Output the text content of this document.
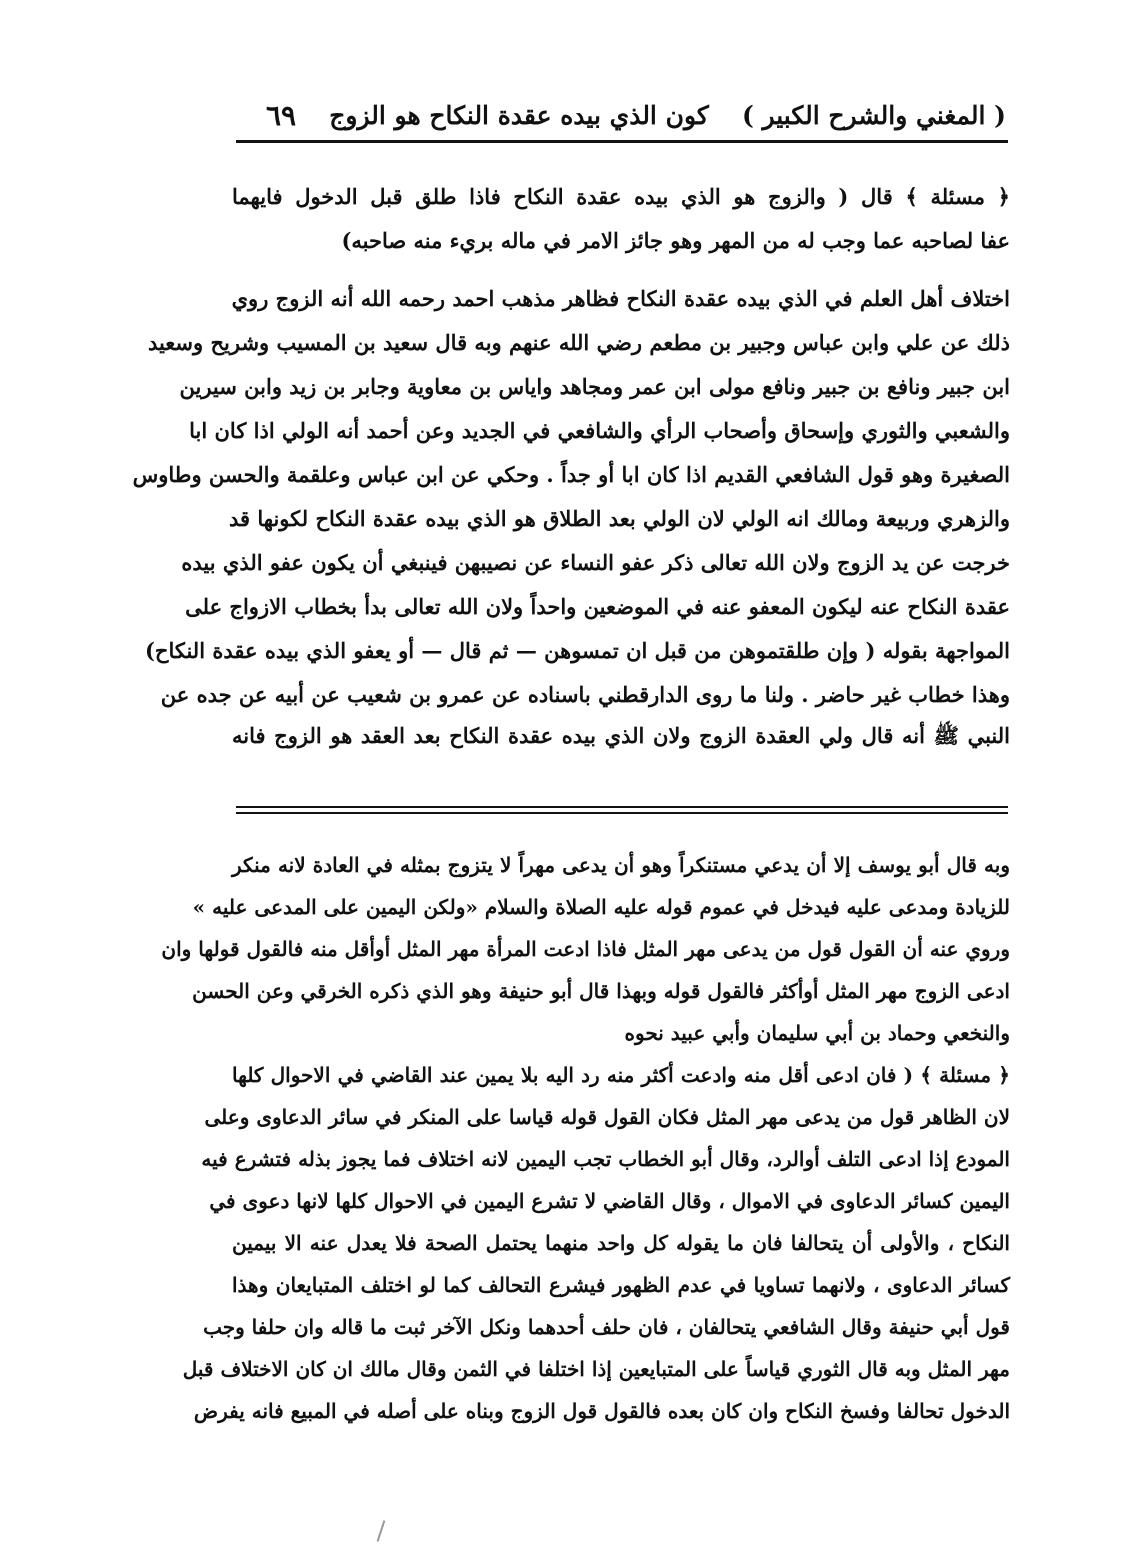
( المغني والشرح الكبير )
كون الذي بيده عقدة النكاح هو الزوج
٦٩
﴿ مسئلة ﴾ قال ( والزوج هو الذي بيده عقدة النكاح فاذا طلق قبل الدخول فايهما
عفا لصاحبه عما وجب له من المهر وهو جائز الامر في ماله بريء منه صاحبه)
اختلاف أهل العلم في الذي بيده عقدة النكاح فظاهر مذهب احمد رحمه الله أنه الزوج روي
ذلك عن علي وابن عباس وجبير بن مطعم رضي الله عنهم وبه قال سعيد بن المسيب وشريح وسعيد
ابن جبير ونافع بن جبير ونافع مولى ابن عمر ومجاهد واياس بن معاوية وجابر بن زيد وابن سيرين
والشعبي والثوري وإسحاق وأصحاب الرأي والشافعي في الجديد وعن أحمد أنه الولي اذا كان ابا
الصغيرة وهو قول الشافعي القديم اذا كان ابا أو جداً . وحكي عن ابن عباس وعلقمة والحسن وطاوس
والزهري وربيعة ومالك انه الولي لان الولي بعد الطلاق هو الذي بيده عقدة النكاح لكونها قد
خرجت عن يد الزوج ولان الله تعالى ذكر عفو النساء عن نصيبهن فينبغي أن يكون عفو الذي بيده
عقدة النكاح عنه ليكون المعفو عنه في الموضعين واحداً ولان الله تعالى بدأ بخطاب الازواج على
المواجهة بقوله ( وإن طلقتموهن من قبل ان تمسوهن — ثم قال — أو يعفو الذي بيده عقدة النكاح)
وهذا خطاب غير حاضر . ولنا ما روى الدارقطني باسناده عن عمرو بن شعيب عن أبيه عن جده عن
النبي ﷺ أنه قال ولي العقدة الزوج ولان الذي بيده عقدة النكاح بعد العقد هو الزوج فانه
وبه قال أبو يوسف إلا أن يدعي مستنكراً وهو أن يدعى مهراً لا يتزوج بمثله في العادة لانه منكر
للزيادة ومدعى عليه فيدخل في عموم قوله عليه الصلاة والسلام «ولكن اليمين على المدعى عليه »
وروي عنه أن القول قول من يدعى مهر المثل فاذا ادعت المرأة مهر المثل أوأقل منه فالقول قولها وان
ادعى الزوج مهر المثل أوأكثر فالقول قوله وبهذا قال أبو حنيفة وهو الذي ذكره الخرقي وعن الحسن
والنخعي وحماد بن أبي سليمان وأبي عبيد نحوه
﴿ مسئلة ﴾ ( فان ادعى أقل منه وادعت أكثر منه رد اليه بلا يمين عند القاضي في الاحوال كلها
لان الظاهر قول من يدعى مهر المثل فكان القول قوله قياسا على المنكر في سائر الدعاوى وعلى
المودع إذا ادعى التلف أوالرد، وقال أبو الخطاب تجب اليمين لانه اختلاف فما يجوز بذله فتشرع فيه
اليمين كسائر الدعاوى في الاموال ، وقال القاضي لا تشرع اليمين في الاحوال كلها لانها دعوى في
النكاح ، والأولى أن يتحالفا فان ما يقوله كل واحد منهما يحتمل الصحة فلا يعدل عنه الا بيمين
كسائر الدعاوى ، ولانهما تساويا في عدم الظهور فيشرع التحالف كما لو اختلف المتبايعان وهذا
قول أبي حنيفة وقال الشافعي يتحالفان ، فان حلف أحدهما ونكل الآخر ثبت ما قاله وان حلفا وجب
مهر المثل وبه قال الثوري قياساً على المتبايعين إذا اختلفا في الثمن وقال مالك ان كان الاختلاف قبل
الدخول تحالفا وفسخ النكاح وان كان بعده فالقول قول الزوج وبناه على أصله في المبيع فانه يفرض
